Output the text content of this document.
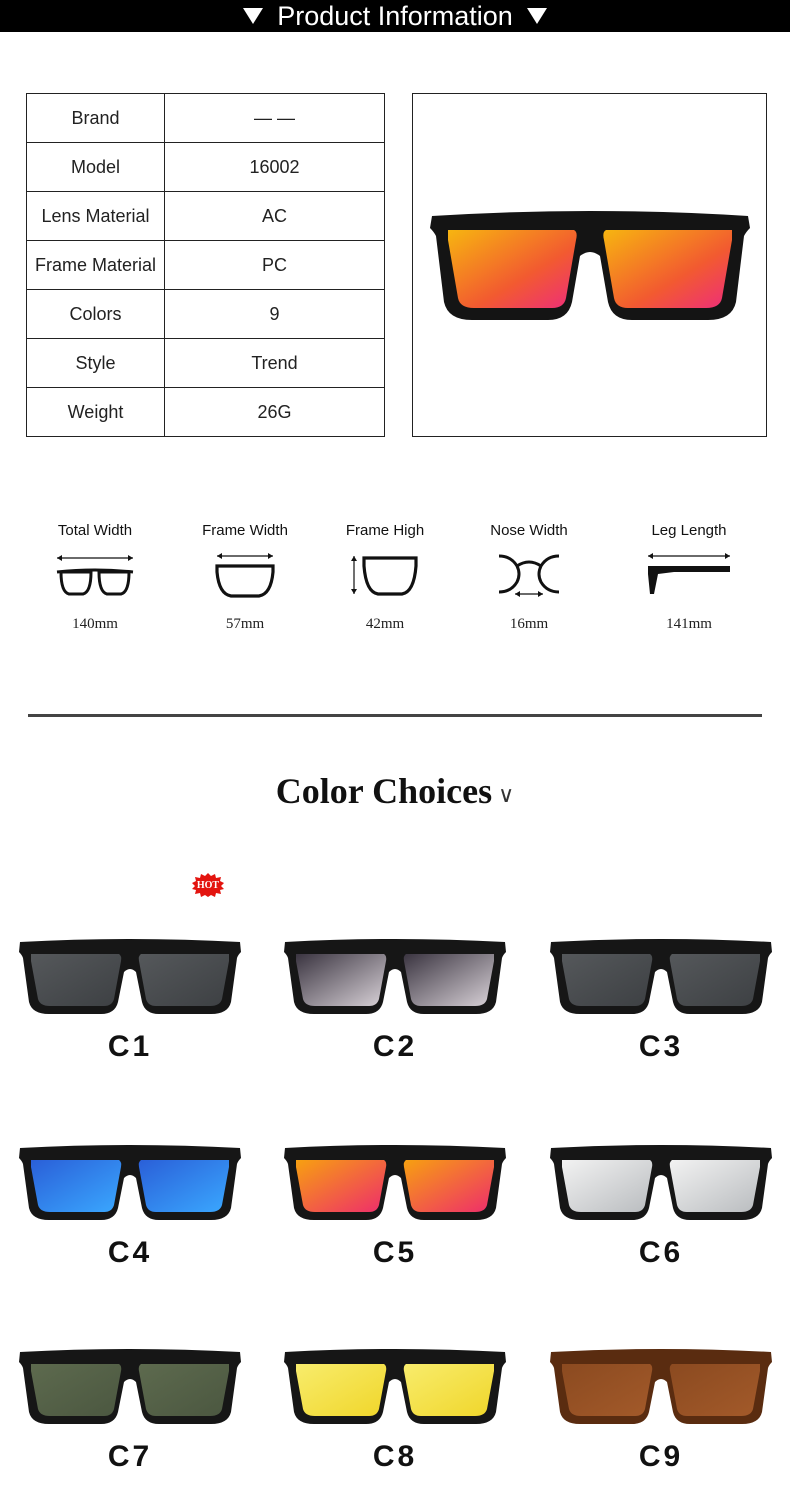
Product Information
Brand	— —
Model	16002
Lens Material	AC
Frame Material	PC
Colors	9
Style	Trend
Weight	26G
Total Width
140mm
Frame Width
57mm
Frame High
42mm
Nose Width
16mm
Leg Length
141mm
Color Choices ∨
HOT
C1	C2	C3
C4	C5	C6
C7	C8	C9
